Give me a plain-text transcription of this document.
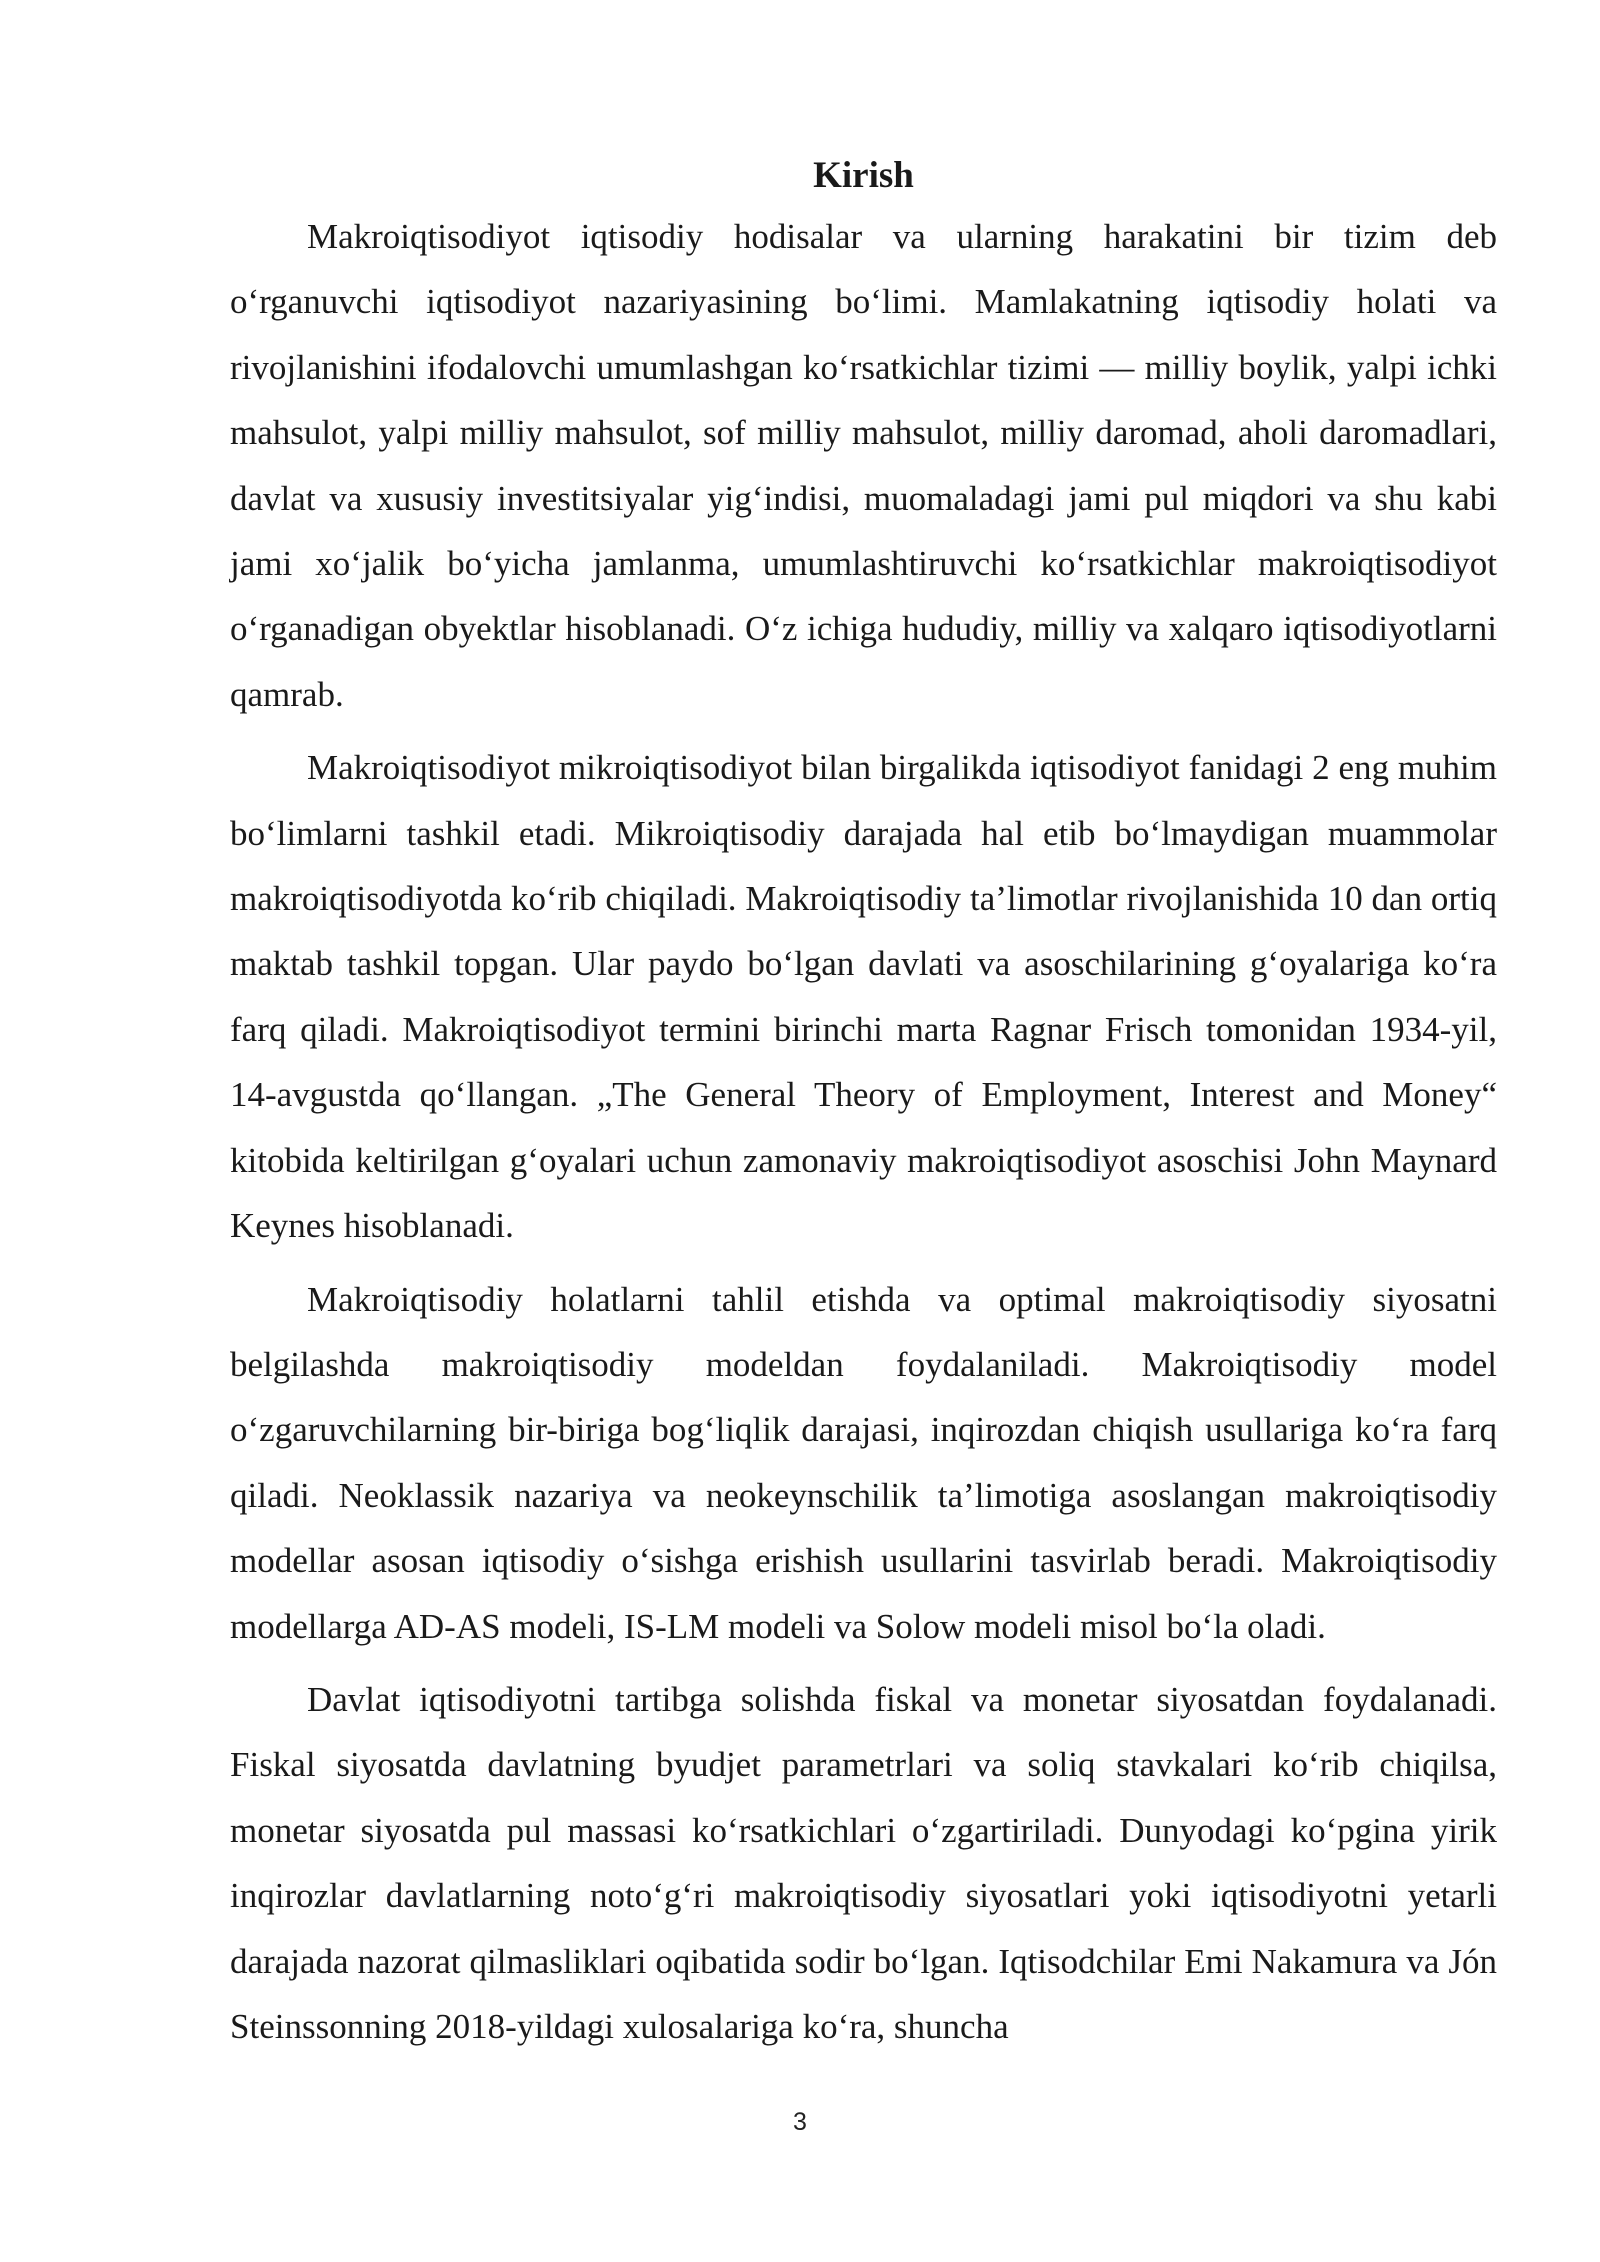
Kirish

Makroiqtisodiyot iqtisodiy hodisalar va ularning harakatini bir tizim deb o‘rganuvchi iqtisodiyot nazariyasining bo‘limi. Mamlakatning iqtisodiy holati va rivojlanishini ifodalovchi umumlashgan ko‘rsatkichlar tizimi — milliy boylik, yalpi ichki mahsulot, yalpi milliy mahsulot, sof milliy mahsulot, milliy daromad, aholi daromadlari, davlat va xususiy investitsiyalar yig‘indisi, muomaladagi jami pul miqdori va shu kabi jami xo‘jalik bo‘yicha jamlanma, umumlashtiruvchi ko‘rsatkichlar makroiqtisodiyot o‘rganadigan obyektlar hisoblanadi. O‘z ichiga hududiy, milliy va xalqaro iqtisodiyotlarni qamrab.

Makroiqtisodiyot mikroiqtisodiyot bilan birgalikda iqtisodiyot fanidagi 2 eng muhim bo‘limlarni tashkil etadi. Mikroiqtisodiy darajada hal etib bo‘lmaydigan muammolar makroiqtisodiyotda ko‘rib chiqiladi. Makroiqtisodiy ta’limotlar rivojlanishida 10 dan ortiq maktab tashkil topgan. Ular paydo bo‘lgan davlati va asoschilarining g‘oyalariga ko‘ra farq qiladi. Makroiqtisodiyot termini birinchi marta Ragnar Frisch tomonidan 1934-yil, 14-avgustda qo‘llangan. „The General Theory of Employment, Interest and Money“ kitobida keltirilgan g‘oyalari uchun zamonaviy makroiqtisodiyot asoschisi John Maynard Keynes hisoblanadi.

Makroiqtisodiy holatlarni tahlil etishda va optimal makroiqtisodiy siyosatni belgilashda makroiqtisodiy modeldan foydalaniladi. Makroiqtisodiy model o‘zgaruvchilarning bir-biriga bog‘liqlik darajasi, inqirozdan chiqish usullariga ko‘ra farq qiladi. Neoklassik nazariya va neokeynschilik ta’limotiga asoslangan makroiqtisodiy modellar asosan iqtisodiy o‘sishga erishish usullarini tasvirlab beradi. Makroiqtisodiy modellarga AD-AS modeli, IS-LM modeli va Solow modeli misol bo‘la oladi.

Davlat iqtisodiyotni tartibga solishda fiskal va monetar siyosatdan foydalanadi. Fiskal siyosatda davlatning byudjet parametrlari va soliq stavkalari ko‘rib chiqilsa, monetar siyosatda pul massasi ko‘rsatkichlari o‘zgartiriladi. Dunyodagi ko‘pgina yirik inqirozlar davlatlarning noto‘g‘ri makroiqtisodiy siyosatlari yoki iqtisodiyotni yetarli darajada nazorat qilmasliklari oqibatida sodir bo‘lgan. Iqtisodchilar Emi Nakamura va Jón Steinssonning 2018-yildagi xulosalariga ko‘ra, shuncha

3
